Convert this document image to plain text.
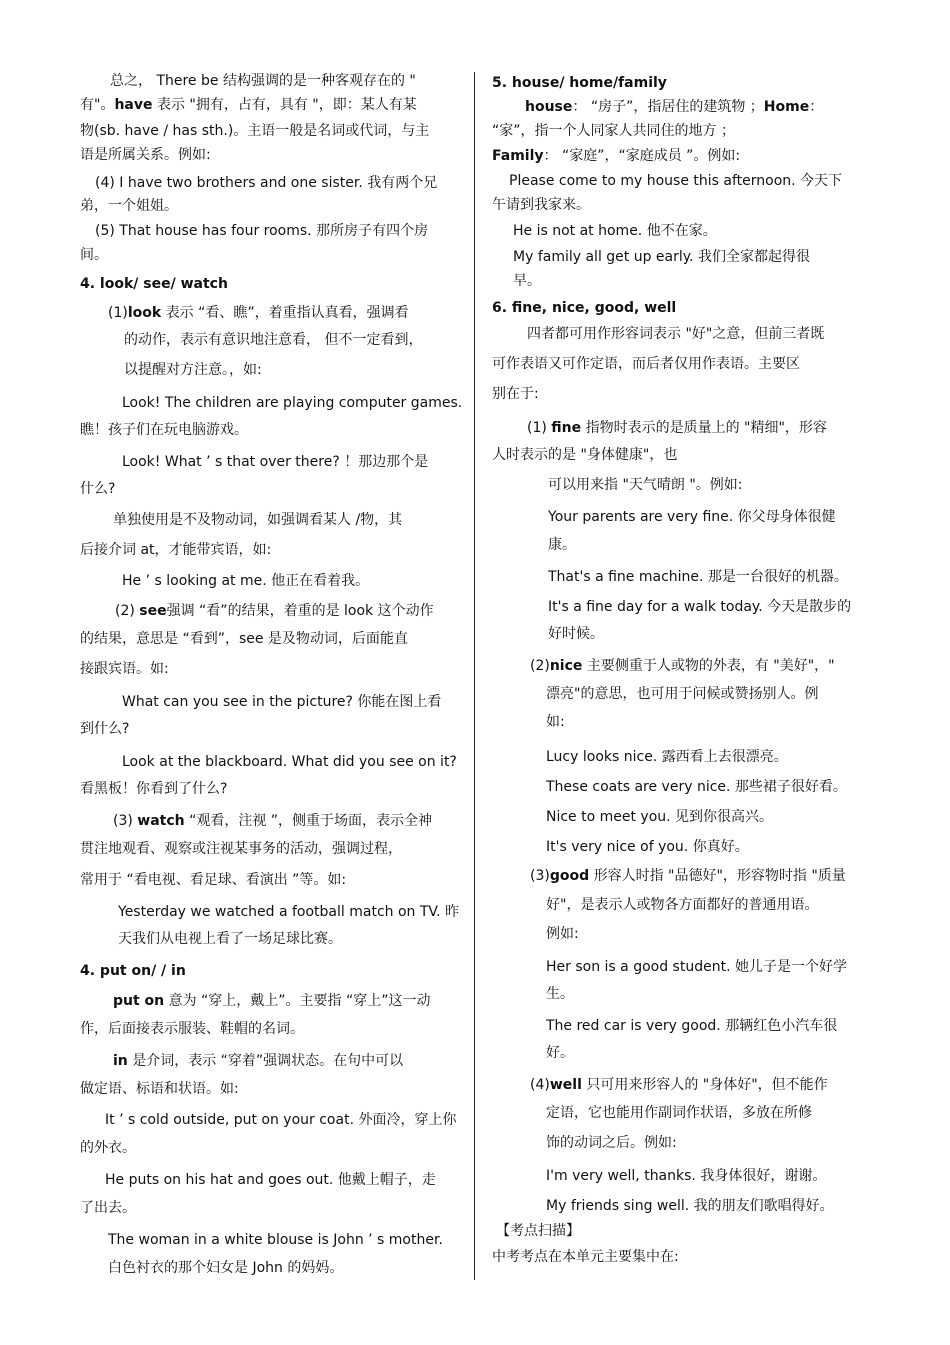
总之， There be 结构强调的是一种客观存在的 "
有"。have 表示 "拥有，占有，具有 "，即：某人有某
物(sb. have / has sth.)。主语一般是名词或代词，与主
语是所属关系。例如:
(4) I have two brothers and one sister. 我有两个兄
弟，一个姐姐。
(5) That house has four rooms. 那所房子有四个房
间。
4. look/ see/ watch
(1)look 表示 “看、瞧”，着重指认真看，强调看
的动作，表示有意识地注意看， 但不一定看到，
以提醒对方注意。，如:
Look! The children are playing computer games.
瞧！孩子们在玩电脑游戏。
Look! What ’ s that over there? ！那边那个是
什么?
单独使用是不及物动词，如强调看某人 /物，其
后接介词 at，才能带宾语，如:
He ’ s looking at me. 他正在看着我。
(2) see强调 “看”的结果，着重的是 look 这个动作
的结果，意思是 “看到”，see 是及物动词，后面能直
接跟宾语。如:
What can you see in the picture? 你能在图上看
到什么?
Look at the blackboard. What did you see on it?
看黑板！你看到了什么?
(3) watch “观看，注视 ”，侧重于场面，表示全神
贯注地观看、观察或注视某事务的活动，强调过程，
常用于 “看电视、看足球、看演出 ”等。如:
Yesterday we watched a football match on TV. 昨
天我们从电视上看了一场足球比赛。
4. put on/ / in
put on 意为 “穿上，戴上”。主要指 “穿上”这一动
作，后面接表示服装、鞋帽的名词。
in 是介词，表示 “穿着”强调状态。在句中可以
做定语、标语和状语。如:
It ’ s cold outside, put on your coat. 外面冷，穿上你
的外衣。
He puts on his hat and goes out. 他戴上帽子，走
了出去。
The woman in a white blouse is John ’ s mother.
白色衬衣的那个妇女是 John 的妈妈。
5. house/ home/family
house： “房子”，指居住的建筑物 ；Home：
“家”，指一个人同家人共同住的地方 ；
Family： “家庭”，“家庭成员 ”。例如:
Please come to my house this afternoon. 今天下
午请到我家来。
He is not at home. 他不在家。
My family all get up early. 我们全家都起得很
早。
6. fine, nice, good, well
四者都可用作形容词表示 "好"之意，但前三者既
可作表语又可作定语，而后者仅用作表语。主要区
别在于:
(1) fine 指物时表示的是质量上的 "精细"，形容
人时表示的是 "身体健康"，也
可以用来指 "天气晴朗 "。例如:
Your parents are very fine. 你父母身体很健
康。
That's a fine machine. 那是一台很好的机器。
It's a fine day for a walk today. 今天是散步的
好时候。
(2)nice 主要侧重于人或物的外表，有 "美好"，"
漂亮"的意思，也可用于问候或赞扬别人。例
如:
Lucy looks nice. 露西看上去很漂亮。
These coats are very nice. 那些裙子很好看。
Nice to meet you. 见到你很高兴。
It's very nice of you. 你真好。
(3)good 形容人时指 "品德好"，形容物时指 "质量
好"，是表示人或物各方面都好的普通用语。
例如:
Her son is a good student. 她儿子是一个好学
生。
The red car is very good. 那辆红色小汽车很
好。
(4)well 只可用来形容人的 "身体好"，但不能作
定语，它也能用作副词作状语，多放在所修
饰的动词之后。例如:
I'm very well, thanks. 我身体很好，谢谢。
My friends sing well. 我的朋友们歌唱得好。
【考点扫描】
中考考点在本单元主要集中在:
